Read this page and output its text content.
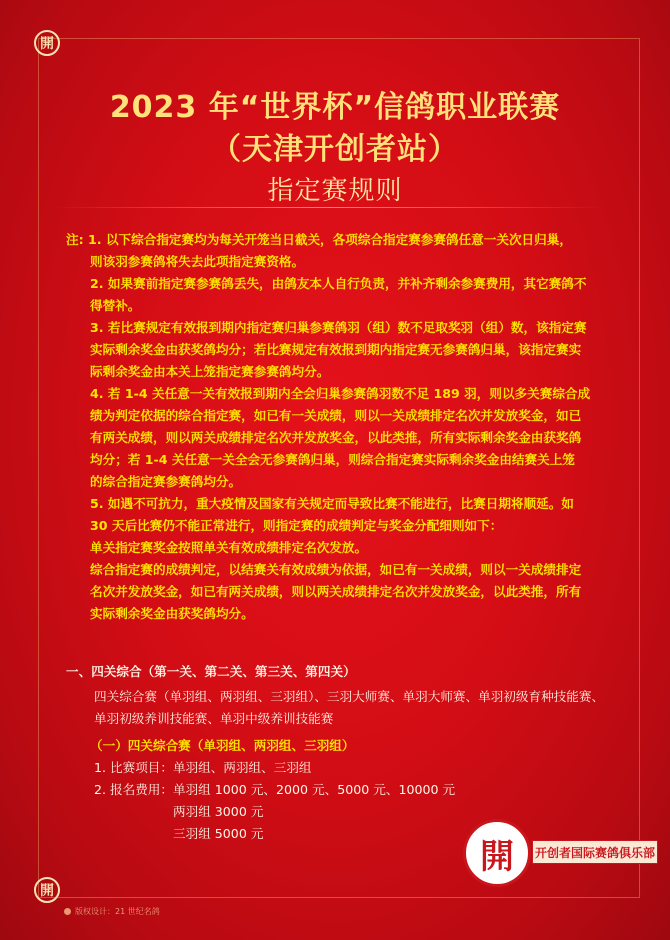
開
開
2023 年“世界杯”信鸽职业联赛
（天津开创者站）
指定赛规则

注: 1. 以下综合指定赛均为每关开笼当日截关，各项综合指定赛参赛鸽任意一关次日归巢，

则该羽参赛鸽将失去此项指定赛资格。

2. 如果赛前指定赛参赛鸽丢失，由鸽友本人自行负责，并补齐剩余参赛费用，其它赛鸽不

得替补。

3. 若比赛规定有效报到期内指定赛归巢参赛鸽羽（组）数不足取奖羽（组）数，该指定赛

实际剩余奖金由获奖鸽均分；若比赛规定有效报到期内指定赛无参赛鸽归巢，该指定赛实

际剩余奖金由本关上笼指定赛参赛鸽均分。

4. 若 1-4 关任意一关有效报到期内全会归巢参赛鸽羽数不足 189 羽，则以多关赛综合成

绩为判定依据的综合指定赛，如已有一关成绩，则以一关成绩排定名次并发放奖金，如已

有两关成绩，则以两关成绩排定名次并发放奖金，以此类推，所有实际剩余奖金由获奖鸽

均分；若 1-4 关任意一关全会无参赛鸽归巢，则综合指定赛实际剩余奖金由结赛关上笼

的综合指定赛参赛鸽均分。

5. 如遇不可抗力，重大疫情及国家有关规定而导致比赛不能进行，比赛日期将顺延。如

30 天后比赛仍不能正常进行，则指定赛的成绩判定与奖金分配细则如下：

单关指定赛奖金按照单关有效成绩排定名次发放。

综合指定赛的成绩判定，以结赛关有效成绩为依据，如已有一关成绩，则以一关成绩排定

名次并发放奖金，如已有两关成绩，则以两关成绩排定名次并发放奖金，以此类推，所有

实际剩余奖金由获奖鸽均分。

一、四关综合（第一关、第二关、第三关、第四关）
四关综合赛（单羽组、两羽组、三羽组）、三羽大师赛、单羽大师赛、单羽初级育种技能赛、单羽初级养训技能赛、单羽中级养训技能赛
（一）四关综合赛（单羽组、两羽组、三羽组）
1. 比赛项目：单羽组、两羽组、三羽组
2. 报名费用：单羽组 1000 元、2000 元、5000 元、10000 元
两羽组 3000 元
三羽组 5000 元
開	开创者国际赛鸽俱乐部
版权设计：21 世纪名鸽
